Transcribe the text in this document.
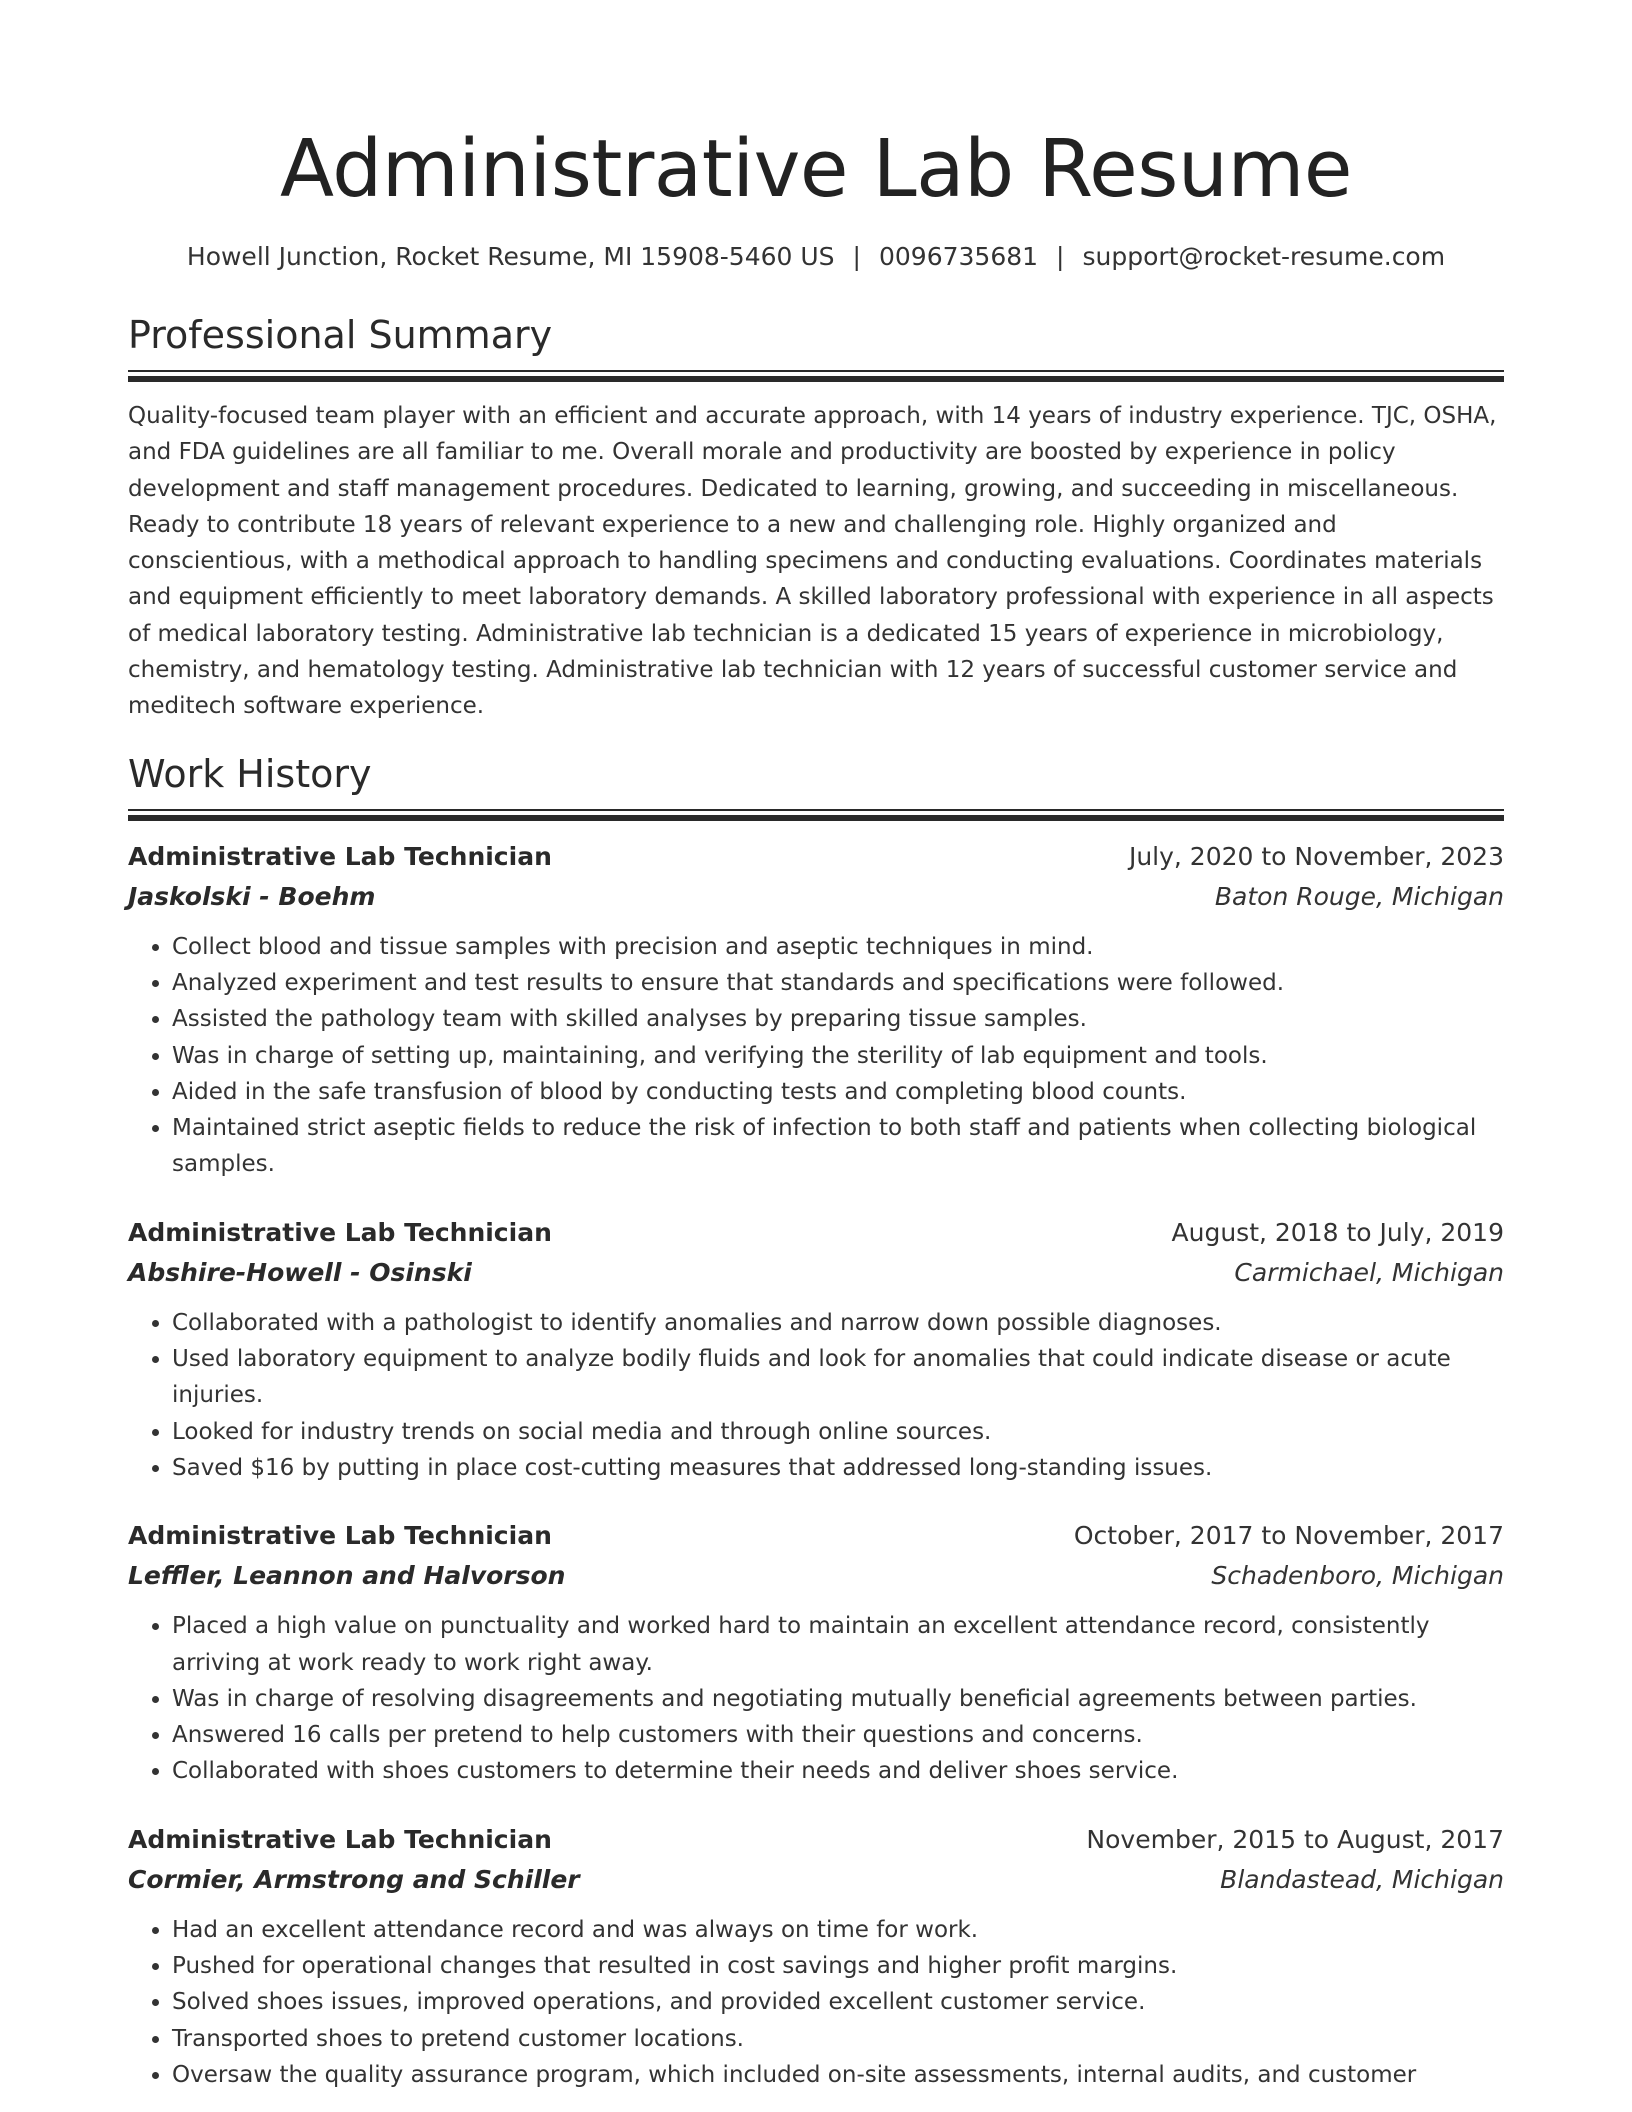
Administrative Lab Resume
Howell Junction, Rocket Resume, MI 15908-5460 US | 0096735681 | support@rocket-resume.com
Professional Summary

Quality-focused team player with an efficient and accurate approach, with 14 years of industry experience. TJC, OSHA, and FDA guidelines are all familiar to me. Overall morale and productivity are boosted by experience in policy development and staff management procedures. Dedicated to learning, growing, and succeeding in miscellaneous. Ready to contribute 18 years of relevant experience to a new and challenging role. Highly organized and conscientious, with a methodical approach to handling specimens and conducting evaluations. Coordinates materials and equipment efficiently to meet laboratory demands. A skilled laboratory professional with experience in all aspects of medical laboratory testing. Administrative lab technician is a dedicated 15 years of experience in microbiology, chemistry, and hematology testing. Administrative lab technician with 12 years of successful customer service and meditech software experience.

Work History
Administrative Lab Technician	July, 2020 to November, 2023
Jaskolski - Boehm	Baton Rouge, Michigan
• Collect blood and tissue samples with precision and aseptic techniques in mind.
• Analyzed experiment and test results to ensure that standards and specifications were followed.
• Assisted the pathology team with skilled analyses by preparing tissue samples.
• Was in charge of setting up, maintaining, and verifying the sterility of lab equipment and tools.
• Aided in the safe transfusion of blood by conducting tests and completing blood counts.
• Maintained strict aseptic fields to reduce the risk of infection to both staff and patients when collecting biological samples.
Administrative Lab Technician	August, 2018 to July, 2019
Abshire-Howell - Osinski	Carmichael, Michigan
• Collaborated with a pathologist to identify anomalies and narrow down possible diagnoses.
• Used laboratory equipment to analyze bodily fluids and look for anomalies that could indicate disease or acute injuries.
• Looked for industry trends on social media and through online sources.
• Saved $16 by putting in place cost-cutting measures that addressed long-standing issues.
Administrative Lab Technician	October, 2017 to November, 2017
Leffler, Leannon and Halvorson	Schadenboro, Michigan
• Placed a high value on punctuality and worked hard to maintain an excellent attendance record, consistently arriving at work ready to work right away.
• Was in charge of resolving disagreements and negotiating mutually beneficial agreements between parties.
• Answered 16 calls per pretend to help customers with their questions and concerns.
• Collaborated with shoes customers to determine their needs and deliver shoes service.
Administrative Lab Technician	November, 2015 to August, 2017
Cormier, Armstrong and Schiller	Blandastead, Michigan
• Had an excellent attendance record and was always on time for work.
• Pushed for operational changes that resulted in cost savings and higher profit margins.
• Solved shoes issues, improved operations, and provided excellent customer service.
• Transported shoes to pretend customer locations.
• Oversaw the quality assurance program, which included on-site assessments, internal audits, and customer
